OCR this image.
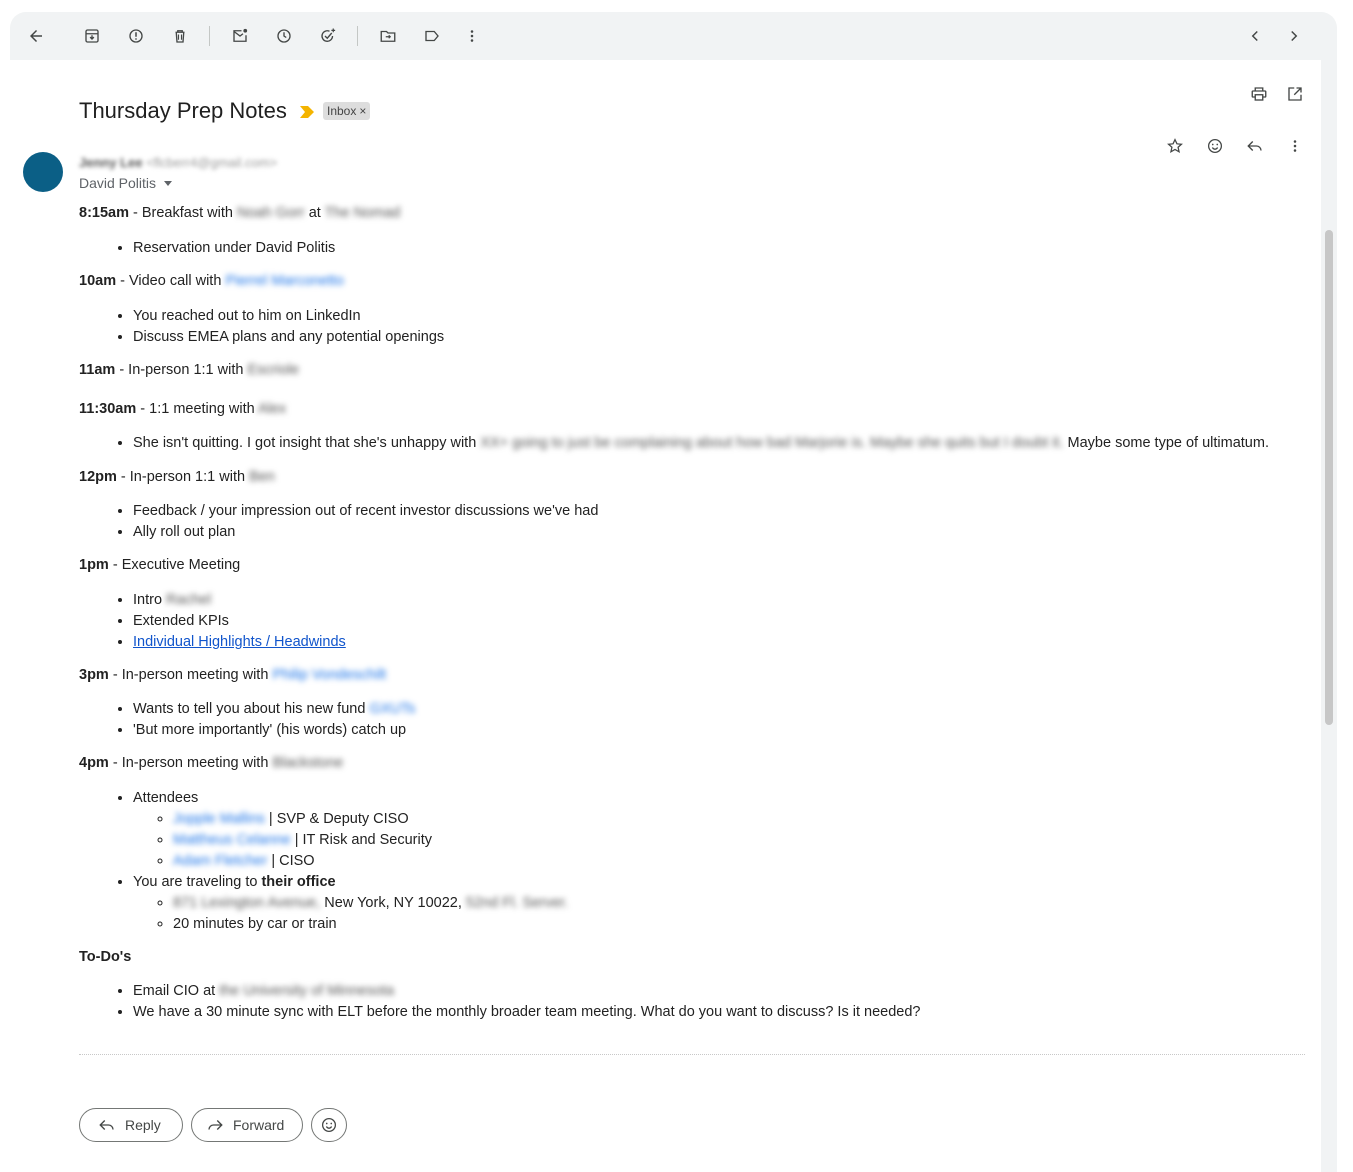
Thursday Prep Notes	Inbox ×
Jenny Lee <flcberr4@gmail.com>
David Politis

8:15am - Breakfast with Noah Gorr at The Nomad

• Reservation under David Politis

10am - Video call with Pierrel Marconetto

• You reached out to him on LinkedIn
• Discuss EMEA plans and any potential openings

11am - In-person 1:1 with Escriole

11:30am - 1:1 meeting with Alex

• She isn't quitting. I got insight that she's unhappy with XX+ going to just be complaining about how bad Marjorie is. Maybe she quits but I doubt it. Maybe some type of ultimatum.

12pm - In-person 1:1 with Ben

• Feedback / your impression out of recent investor discussions we've had
• Ally roll out plan

1pm - Executive Meeting

• Intro Rachel
• Extended KPIs
• Individual Highlights / Headwinds

3pm - In-person meeting with Philip Vondeschilt

• Wants to tell you about his new fund GXUTs
• 'But more importantly' (his words) catch up

4pm - In-person meeting with Blackstone

• Attendees
◦ Jopple Mallins | SVP & Deputy CISO
◦ Mattheus Celanne | IT Risk and Security
◦ Adam Fletcher | CISO
• You are traveling to their office
◦ 871 Lexington Avenue, New York, NY 10022, 52nd Fl. Server.
◦ 20 minutes by car or train

To-Do's

• Email CIO at the University of Minnesota
• We have a 30 minute sync with ELT before the monthly broader team meeting. What do you want to discuss? Is it needed?
Reply	Forward
